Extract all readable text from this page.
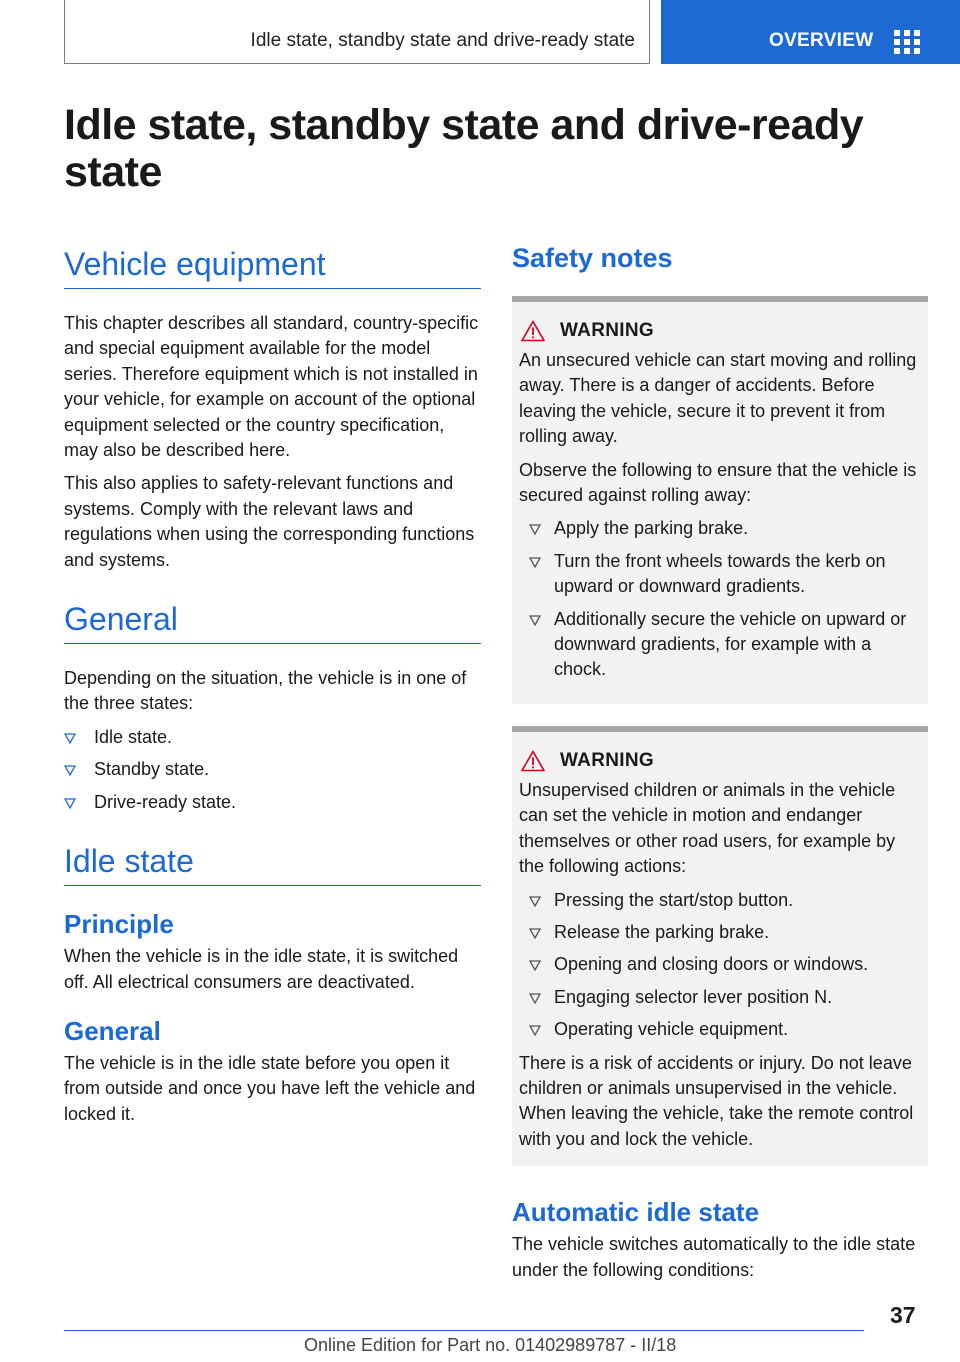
Idle state, standby state and drive-ready state	OVERVIEW
Idle state, standby state and drive-ready state
Vehicle equipment

This chapter describes all standard, country-specific and special equipment available for the model series. Therefore equipment which is not installed in your vehicle, for example on account of the optional equipment selected or the country specification, may also be described here.

This also applies to safety-relevant functions and systems. Comply with the relevant laws and regulations when using the corresponding functions and systems.

General

Depending on the situation, the vehicle is in one of the three states:

Idle state.
Standby state.
Drive-ready state.
Idle state
Principle

When the vehicle is in the idle state, it is switched off. All electrical consumers are deactivated.

General

The vehicle is in the idle state before you open it from outside and once you have left the vehicle and locked it.

Safety notes
WARNING

An unsecured vehicle can start moving and rolling away. There is a danger of accidents. Before leaving the vehicle, secure it to prevent it from rolling away.

Observe the following to ensure that the vehicle is secured against rolling away:

Apply the parking brake.
Turn the front wheels towards the kerb on upward or downward gradients.
Additionally secure the vehicle on upward or downward gradients, for example with a chock.
WARNING

Unsupervised children or animals in the vehicle can set the vehicle in motion and endanger themselves or other road users, for example by the following actions:

Pressing the start/stop button.
Release the parking brake.
Opening and closing doors or windows.
Engaging selector lever position N.
Operating vehicle equipment.

There is a risk of accidents or injury. Do not leave children or animals unsupervised in the vehicle. When leaving the vehicle, take the remote control with you and lock the vehicle.

Automatic idle state

The vehicle switches automatically to the idle state under the following conditions:

37
Online Edition for Part no. 01402989787 - II/18
